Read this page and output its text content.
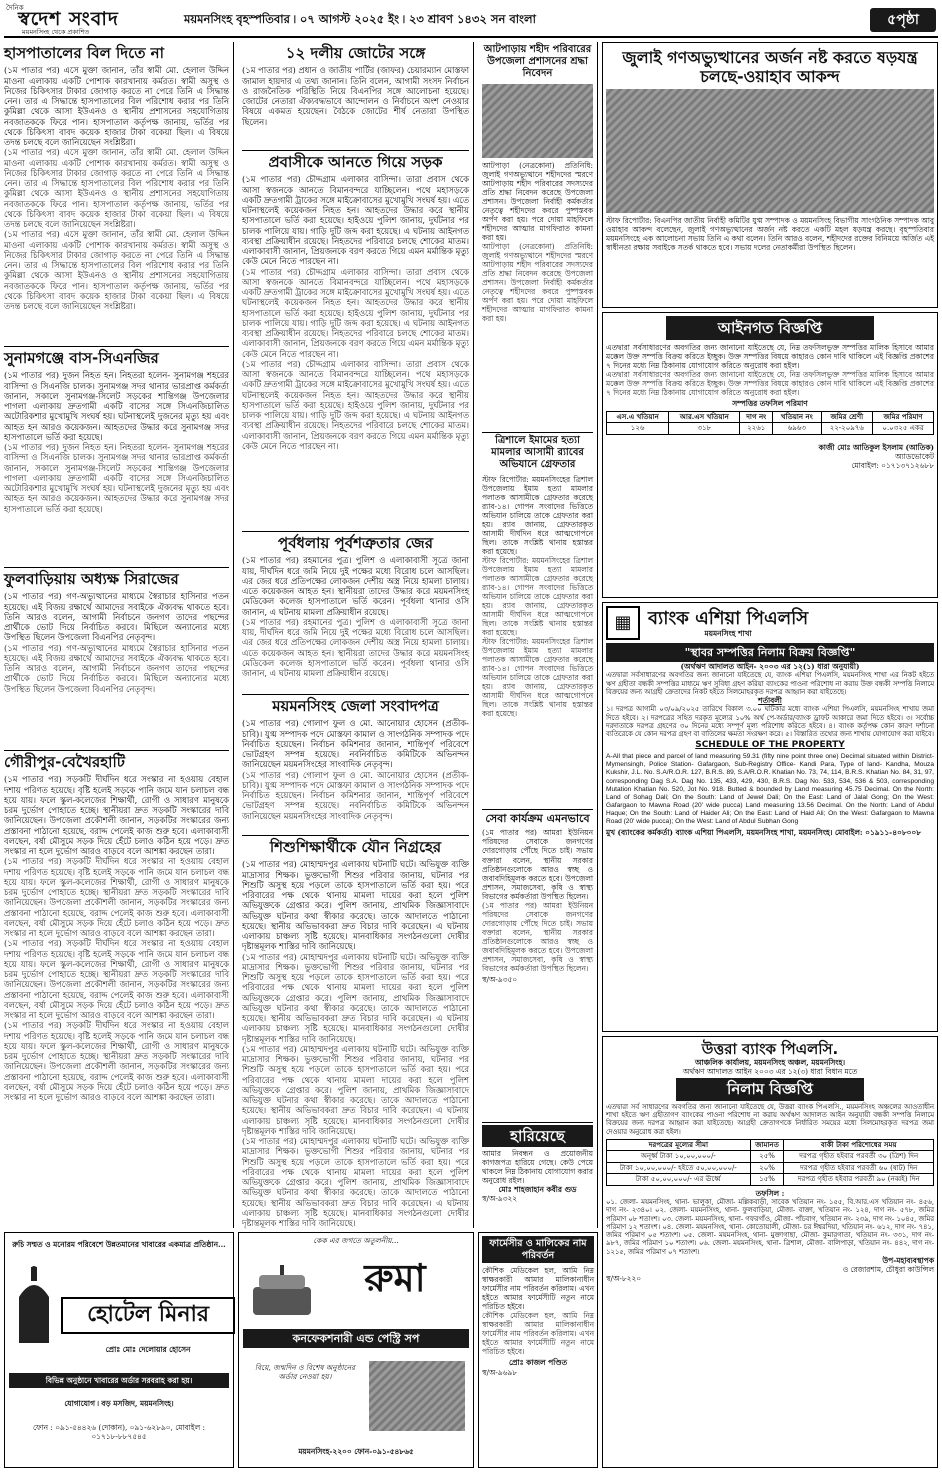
দৈনিক
স্বদেশ সংবাদ
ময়মনসিংহ থেকে প্রকাশিত
ময়মনসিংহ বৃহস্পতিবার ৷ ০৭ আগস্ট ২০২৫ ইং ৷ ২৩ শ্রাবণ ১৪৩২ সন বাংলা	৫পৃষ্ঠা
হাসপাতালের বিল দিতে না

(১ম পাতার পর) এসে মুক্তা জানান, তাঁর স্বামী মো. হেলাল উদ্দিন মাওনা এলাকায় একটি পোশাক কারখানায় কর্মরত। স্বামী অসুস্থ ও নিজের চিকিৎসার টাকার জোগাড় করতে না পেরে তিনি এ সিদ্ধান্ত নেন। তার এ সিদ্ধান্তে হাসপাতালের বিল পরিশোধ করার পর তিনি কুমিল্লা থেকে আসা ইউএনও ও স্থানীয় প্রশাসনের সহযোগিতায় নবজাতককে ফিরে পান। হাসপাতাল কর্তৃপক্ষ জানায়, ভর্তির পর থেকে চিকিৎসা বাবদ কয়েক হাজার টাকা বকেয়া ছিল। এ বিষয়ে তদন্ত চলছে বলে জানিয়েছেন সংশ্লিষ্টরা।

(১ম পাতার পর) এসে মুক্তা জানান, তাঁর স্বামী মো. হেলাল উদ্দিন মাওনা এলাকায় একটি পোশাক কারখানায় কর্মরত। স্বামী অসুস্থ ও নিজের চিকিৎসার টাকার জোগাড় করতে না পেরে তিনি এ সিদ্ধান্ত নেন। তার এ সিদ্ধান্তে হাসপাতালের বিল পরিশোধ করার পর তিনি কুমিল্লা থেকে আসা ইউএনও ও স্থানীয় প্রশাসনের সহযোগিতায় নবজাতককে ফিরে পান। হাসপাতাল কর্তৃপক্ষ জানায়, ভর্তির পর থেকে চিকিৎসা বাবদ কয়েক হাজার টাকা বকেয়া ছিল। এ বিষয়ে তদন্ত চলছে বলে জানিয়েছেন সংশ্লিষ্টরা।

(১ম পাতার পর) এসে মুক্তা জানান, তাঁর স্বামী মো. হেলাল উদ্দিন মাওনা এলাকায় একটি পোশাক কারখানায় কর্মরত। স্বামী অসুস্থ ও নিজের চিকিৎসার টাকার জোগাড় করতে না পেরে তিনি এ সিদ্ধান্ত নেন। তার এ সিদ্ধান্তে হাসপাতালের বিল পরিশোধ করার পর তিনি কুমিল্লা থেকে আসা ইউএনও ও স্থানীয় প্রশাসনের সহযোগিতায় নবজাতককে ফিরে পান। হাসপাতাল কর্তৃপক্ষ জানায়, ভর্তির পর থেকে চিকিৎসা বাবদ কয়েক হাজার টাকা বকেয়া ছিল। এ বিষয়ে তদন্ত চলছে বলে জানিয়েছেন সংশ্লিষ্টরা।

সুনামগঞ্জে বাস-সিএনজির

(১ম পাতার পর) দুজন নিহত হন। নিহতরা হলেন- সুনামগঞ্জ শহরের বাসিন্দা ও সিএনজি চালক। সুনামগঞ্জ সদর থানার ভারপ্রাপ্ত কর্মকর্তা জানান, সকালে সুনামগঞ্জ-সিলেট সড়কের শান্তিগঞ্জ উপজেলার পাগলা এলাকায় দ্রুতগামী একটি বাসের সঙ্গে সিএনজিচালিত অটোরিকশার মুখোমুখি সংঘর্ষ হয়। ঘটনাস্থলেই দুজনের মৃত্যু হয় এবং আহত হন আরও কয়েকজন। আহতদের উদ্ধার করে সুনামগঞ্জ সদর হাসপাতালে ভর্তি করা হয়েছে।

(১ম পাতার পর) দুজন নিহত হন। নিহতরা হলেন- সুনামগঞ্জ শহরের বাসিন্দা ও সিএনজি চালক। সুনামগঞ্জ সদর থানার ভারপ্রাপ্ত কর্মকর্তা জানান, সকালে সুনামগঞ্জ-সিলেট সড়কের শান্তিগঞ্জ উপজেলার পাগলা এলাকায় দ্রুতগামী একটি বাসের সঙ্গে সিএনজিচালিত অটোরিকশার মুখোমুখি সংঘর্ষ হয়। ঘটনাস্থলেই দুজনের মৃত্যু হয় এবং আহত হন আরও কয়েকজন। আহতদের উদ্ধার করে সুনামগঞ্জ সদর হাসপাতালে ভর্তি করা হয়েছে।

ফুলবাড়িয়ায় অধ্যক্ষ সিরাজের

(১ম পাতার পর) গণ-অভ্যুত্থানের মাধ্যমে স্বৈরাচার হাসিনার পতন হয়েছে। এই বিজয় রক্ষার্থে আমাদের সবাইকে ঐক্যবদ্ধ থাকতে হবে। তিনি আরও বলেন, আগামী নির্বাচনে জনগণ তাদের পছন্দের প্রার্থীকে ভোট দিয়ে নির্বাচিত করবে। মিছিলে অন্যান্যের মধ্যে উপস্থিত ছিলেন উপজেলা বিএনপির নেতৃবৃন্দ।

(১ম পাতার পর) গণ-অভ্যুত্থানের মাধ্যমে স্বৈরাচার হাসিনার পতন হয়েছে। এই বিজয় রক্ষার্থে আমাদের সবাইকে ঐক্যবদ্ধ থাকতে হবে। তিনি আরও বলেন, আগামী নির্বাচনে জনগণ তাদের পছন্দের প্রার্থীকে ভোট দিয়ে নির্বাচিত করবে। মিছিলে অন্যান্যের মধ্যে উপস্থিত ছিলেন উপজেলা বিএনপির নেতৃবৃন্দ।

গৌরীপুর-বেখৈরহাটি

(১ম পাতার পর) সড়কটি দীর্ঘদিন ধরে সংস্কার না হওয়ায় বেহাল দশায় পরিণত হয়েছে। বৃষ্টি হলেই সড়কে পানি জমে যান চলাচল বন্ধ হয়ে যায়। ফলে স্কুল-কলেজের শিক্ষার্থী, রোগী ও সাধারণ মানুষকে চরম দুর্ভোগ পোহাতে হচ্ছে। স্থানীয়রা দ্রুত সড়কটি সংস্কারের দাবি জানিয়েছেন। উপজেলা প্রকৌশলী জানান, সড়কটির সংস্কারের জন্য প্রস্তাবনা পাঠানো হয়েছে, বরাদ্দ পেলেই কাজ শুরু হবে। এলাকাবাসী বলছেন, বর্ষা মৌসুমে সড়ক দিয়ে হেঁটে চলাও কঠিন হয়ে পড়ে। দ্রুত সংস্কার না হলে দুর্ভোগ আরও বাড়বে বলে আশঙ্কা করছেন তারা।

(১ম পাতার পর) সড়কটি দীর্ঘদিন ধরে সংস্কার না হওয়ায় বেহাল দশায় পরিণত হয়েছে। বৃষ্টি হলেই সড়কে পানি জমে যান চলাচল বন্ধ হয়ে যায়। ফলে স্কুল-কলেজের শিক্ষার্থী, রোগী ও সাধারণ মানুষকে চরম দুর্ভোগ পোহাতে হচ্ছে। স্থানীয়রা দ্রুত সড়কটি সংস্কারের দাবি জানিয়েছেন। উপজেলা প্রকৌশলী জানান, সড়কটির সংস্কারের জন্য প্রস্তাবনা পাঠানো হয়েছে, বরাদ্দ পেলেই কাজ শুরু হবে। এলাকাবাসী বলছেন, বর্ষা মৌসুমে সড়ক দিয়ে হেঁটে চলাও কঠিন হয়ে পড়ে। দ্রুত সংস্কার না হলে দুর্ভোগ আরও বাড়বে বলে আশঙ্কা করছেন তারা।

(১ম পাতার পর) সড়কটি দীর্ঘদিন ধরে সংস্কার না হওয়ায় বেহাল দশায় পরিণত হয়েছে। বৃষ্টি হলেই সড়কে পানি জমে যান চলাচল বন্ধ হয়ে যায়। ফলে স্কুল-কলেজের শিক্ষার্থী, রোগী ও সাধারণ মানুষকে চরম দুর্ভোগ পোহাতে হচ্ছে। স্থানীয়রা দ্রুত সড়কটি সংস্কারের দাবি জানিয়েছেন। উপজেলা প্রকৌশলী জানান, সড়কটির সংস্কারের জন্য প্রস্তাবনা পাঠানো হয়েছে, বরাদ্দ পেলেই কাজ শুরু হবে। এলাকাবাসী বলছেন, বর্ষা মৌসুমে সড়ক দিয়ে হেঁটে চলাও কঠিন হয়ে পড়ে। দ্রুত সংস্কার না হলে দুর্ভোগ আরও বাড়বে বলে আশঙ্কা করছেন তারা।

(১ম পাতার পর) সড়কটি দীর্ঘদিন ধরে সংস্কার না হওয়ায় বেহাল দশায় পরিণত হয়েছে। বৃষ্টি হলেই সড়কে পানি জমে যান চলাচল বন্ধ হয়ে যায়। ফলে স্কুল-কলেজের শিক্ষার্থী, রোগী ও সাধারণ মানুষকে চরম দুর্ভোগ পোহাতে হচ্ছে। স্থানীয়রা দ্রুত সড়কটি সংস্কারের দাবি জানিয়েছেন। উপজেলা প্রকৌশলী জানান, সড়কটির সংস্কারের জন্য প্রস্তাবনা পাঠানো হয়েছে, বরাদ্দ পেলেই কাজ শুরু হবে। এলাকাবাসী বলছেন, বর্ষা মৌসুমে সড়ক দিয়ে হেঁটে চলাও কঠিন হয়ে পড়ে। দ্রুত সংস্কার না হলে দুর্ভোগ আরও বাড়বে বলে আশঙ্কা করছেন তারা।

১২ দলীয় জোটের সঙ্গে

(১ম পাতার পর) প্রধান ও জাতীয় পার্টির (জাফর) চেয়ারম্যান মোস্তফা জামাল হায়দার এ তথ্য জানান। তিনি বলেন, আগামী সংসদ নির্বাচন ও রাজনৈতিক পরিস্থিতি নিয়ে বিএনপির সঙ্গে আলোচনা হয়েছে। জোটের নেতারা ঐক্যবদ্ধভাবে আন্দোলন ও নির্বাচনে অংশ নেওয়ার বিষয়ে একমত হয়েছেন। বৈঠকে জোটের শীর্ষ নেতারা উপস্থিত ছিলেন।

প্রবাসীকে আনতে গিয়ে সড়ক

(১ম পাতার পর) চৌদ্দগ্রাম এলাকার বাসিন্দা। তারা প্রবাস থেকে আসা স্বজনকে আনতে বিমানবন্দরে যাচ্ছিলেন। পথে মহাসড়কে একটি দ্রুতগামী ট্রাকের সঙ্গে মাইক্রোবাসের মুখোমুখি সংঘর্ষ হয়। এতে ঘটনাস্থলেই কয়েকজন নিহত হন। আহতদের উদ্ধার করে স্থানীয় হাসপাতালে ভর্তি করা হয়েছে। হাইওয়ে পুলিশ জানায়, দুর্ঘটনার পর চালক পালিয়ে যায়। গাড়ি দুটি জব্দ করা হয়েছে। এ ঘটনায় আইনগত ব্যবস্থা প্রক্রিয়াধীন রয়েছে। নিহতদের পরিবারে চলছে শোকের মাতম। এলাকাবাসী জানান, প্রিয়জনকে বরণ করতে গিয়ে এমন মর্মান্তিক মৃত্যু কেউ মেনে নিতে পারছেন না।

(১ম পাতার পর) চৌদ্দগ্রাম এলাকার বাসিন্দা। তারা প্রবাস থেকে আসা স্বজনকে আনতে বিমানবন্দরে যাচ্ছিলেন। পথে মহাসড়কে একটি দ্রুতগামী ট্রাকের সঙ্গে মাইক্রোবাসের মুখোমুখি সংঘর্ষ হয়। এতে ঘটনাস্থলেই কয়েকজন নিহত হন। আহতদের উদ্ধার করে স্থানীয় হাসপাতালে ভর্তি করা হয়েছে। হাইওয়ে পুলিশ জানায়, দুর্ঘটনার পর চালক পালিয়ে যায়। গাড়ি দুটি জব্দ করা হয়েছে। এ ঘটনায় আইনগত ব্যবস্থা প্রক্রিয়াধীন রয়েছে। নিহতদের পরিবারে চলছে শোকের মাতম। এলাকাবাসী জানান, প্রিয়জনকে বরণ করতে গিয়ে এমন মর্মান্তিক মৃত্যু কেউ মেনে নিতে পারছেন না।

(১ম পাতার পর) চৌদ্দগ্রাম এলাকার বাসিন্দা। তারা প্রবাস থেকে আসা স্বজনকে আনতে বিমানবন্দরে যাচ্ছিলেন। পথে মহাসড়কে একটি দ্রুতগামী ট্রাকের সঙ্গে মাইক্রোবাসের মুখোমুখি সংঘর্ষ হয়। এতে ঘটনাস্থলেই কয়েকজন নিহত হন। আহতদের উদ্ধার করে স্থানীয় হাসপাতালে ভর্তি করা হয়েছে। হাইওয়ে পুলিশ জানায়, দুর্ঘটনার পর চালক পালিয়ে যায়। গাড়ি দুটি জব্দ করা হয়েছে। এ ঘটনায় আইনগত ব্যবস্থা প্রক্রিয়াধীন রয়েছে। নিহতদের পরিবারে চলছে শোকের মাতম। এলাকাবাসী জানান, প্রিয়জনকে বরণ করতে গিয়ে এমন মর্মান্তিক মৃত্যু কেউ মেনে নিতে পারছেন না।

পূর্বধলায় পূর্বশত্রুতার জের

(১ম পাতার পর) রহমানের পুত্র। পুলিশ ও এলাকাবাসী সূত্রে জানা যায়, দীর্ঘদিন ধরে জমি নিয়ে দুই পক্ষের মধ্যে বিরোধ চলে আসছিল। এর জের ধরে প্রতিপক্ষের লোকজন দেশীয় অস্ত্র নিয়ে হামলা চালায়। এতে কয়েকজন আহত হন। স্থানীয়রা তাদের উদ্ধার করে ময়মনসিংহ মেডিকেল কলেজ হাসপাতালে ভর্তি করেন। পূর্বধলা থানার ওসি জানান, এ ঘটনায় মামলা প্রক্রিয়াধীন রয়েছে।

(১ম পাতার পর) রহমানের পুত্র। পুলিশ ও এলাকাবাসী সূত্রে জানা যায়, দীর্ঘদিন ধরে জমি নিয়ে দুই পক্ষের মধ্যে বিরোধ চলে আসছিল। এর জের ধরে প্রতিপক্ষের লোকজন দেশীয় অস্ত্র নিয়ে হামলা চালায়। এতে কয়েকজন আহত হন। স্থানীয়রা তাদের উদ্ধার করে ময়মনসিংহ মেডিকেল কলেজ হাসপাতালে ভর্তি করেন। পূর্বধলা থানার ওসি জানান, এ ঘটনায় মামলা প্রক্রিয়াধীন রয়েছে।

ময়মনসিংহ জেলা সংবাদপত্র

(১ম পাতার পর) গোলাপ ফুল ও মো. আনোয়ার হোসেন (প্রতীক- চাবি)। যুগ্ম সম্পাদক পদে মোস্তফা কামাল ও সাংগঠনিক সম্পাদক পদে নির্বাচিত হয়েছেন। নির্বাচন কমিশনার জানান, শান্তিপূর্ণ পরিবেশে ভোটগ্রহণ সম্পন্ন হয়েছে। নবনির্বাচিত কমিটিকে অভিনন্দন জানিয়েছেন ময়মনসিংহের সাংবাদিক নেতৃবৃন্দ।

(১ম পাতার পর) গোলাপ ফুল ও মো. আনোয়ার হোসেন (প্রতীক- চাবি)। যুগ্ম সম্পাদক পদে মোস্তফা কামাল ও সাংগঠনিক সম্পাদক পদে নির্বাচিত হয়েছেন। নির্বাচন কমিশনার জানান, শান্তিপূর্ণ পরিবেশে ভোটগ্রহণ সম্পন্ন হয়েছে। নবনির্বাচিত কমিটিকে অভিনন্দন জানিয়েছেন ময়মনসিংহের সাংবাদিক নেতৃবৃন্দ।

শিশুশিক্ষার্থীকে যৌন নিগ্রহের

(১ম পাতার পর) মোহাম্মদপুর এলাকায় ঘটনাটি ঘটে। অভিযুক্ত ব্যক্তি মাদ্রাসার শিক্ষক। ভুক্তভোগী শিশুর পরিবার জানায়, ঘটনার পর শিশুটি অসুস্থ হয়ে পড়লে তাকে হাসপাতালে ভর্তি করা হয়। পরে পরিবারের পক্ষ থেকে থানায় মামলা দায়ের করা হলে পুলিশ অভিযুক্তকে গ্রেপ্তার করে। পুলিশ জানায়, প্রাথমিক জিজ্ঞাসাবাদে অভিযুক্ত ঘটনার কথা স্বীকার করেছে। তাকে আদালতে পাঠানো হয়েছে। স্থানীয় অভিভাবকরা দ্রুত বিচার দাবি করেছেন। এ ঘটনায় এলাকায় চাঞ্চল্য সৃষ্টি হয়েছে। মানবাধিকার সংগঠনগুলো দোষীর দৃষ্টান্তমূলক শাস্তির দাবি জানিয়েছে।

(১ম পাতার পর) মোহাম্মদপুর এলাকায় ঘটনাটি ঘটে। অভিযুক্ত ব্যক্তি মাদ্রাসার শিক্ষক। ভুক্তভোগী শিশুর পরিবার জানায়, ঘটনার পর শিশুটি অসুস্থ হয়ে পড়লে তাকে হাসপাতালে ভর্তি করা হয়। পরে পরিবারের পক্ষ থেকে থানায় মামলা দায়ের করা হলে পুলিশ অভিযুক্তকে গ্রেপ্তার করে। পুলিশ জানায়, প্রাথমিক জিজ্ঞাসাবাদে অভিযুক্ত ঘটনার কথা স্বীকার করেছে। তাকে আদালতে পাঠানো হয়েছে। স্থানীয় অভিভাবকরা দ্রুত বিচার দাবি করেছেন। এ ঘটনায় এলাকায় চাঞ্চল্য সৃষ্টি হয়েছে। মানবাধিকার সংগঠনগুলো দোষীর দৃষ্টান্তমূলক শাস্তির দাবি জানিয়েছে।

(১ম পাতার পর) মোহাম্মদপুর এলাকায় ঘটনাটি ঘটে। অভিযুক্ত ব্যক্তি মাদ্রাসার শিক্ষক। ভুক্তভোগী শিশুর পরিবার জানায়, ঘটনার পর শিশুটি অসুস্থ হয়ে পড়লে তাকে হাসপাতালে ভর্তি করা হয়। পরে পরিবারের পক্ষ থেকে থানায় মামলা দায়ের করা হলে পুলিশ অভিযুক্তকে গ্রেপ্তার করে। পুলিশ জানায়, প্রাথমিক জিজ্ঞাসাবাদে অভিযুক্ত ঘটনার কথা স্বীকার করেছে। তাকে আদালতে পাঠানো হয়েছে। স্থানীয় অভিভাবকরা দ্রুত বিচার দাবি করেছেন। এ ঘটনায় এলাকায় চাঞ্চল্য সৃষ্টি হয়েছে। মানবাধিকার সংগঠনগুলো দোষীর দৃষ্টান্তমূলক শাস্তির দাবি জানিয়েছে।

(১ম পাতার পর) মোহাম্মদপুর এলাকায় ঘটনাটি ঘটে। অভিযুক্ত ব্যক্তি মাদ্রাসার শিক্ষক। ভুক্তভোগী শিশুর পরিবার জানায়, ঘটনার পর শিশুটি অসুস্থ হয়ে পড়লে তাকে হাসপাতালে ভর্তি করা হয়। পরে পরিবারের পক্ষ থেকে থানায় মামলা দায়ের করা হলে পুলিশ অভিযুক্তকে গ্রেপ্তার করে। পুলিশ জানায়, প্রাথমিক জিজ্ঞাসাবাদে অভিযুক্ত ঘটনার কথা স্বীকার করেছে। তাকে আদালতে পাঠানো হয়েছে। স্থানীয় অভিভাবকরা দ্রুত বিচার দাবি করেছেন। এ ঘটনায় এলাকায় চাঞ্চল্য সৃষ্টি হয়েছে। মানবাধিকার সংগঠনগুলো দোষীর দৃষ্টান্তমূলক শাস্তির দাবি জানিয়েছে।

আটপাড়ায় শহীদ পরিবারের উপজেলা প্রশাসনের শ্রদ্ধা নিবেদন

আটপাড়া (নেত্রকোনা) প্রতিনিধি: জুলাই গণঅভ্যুত্থানে শহীদদের স্মরণে আটপাড়ায় শহীদ পরিবারের সদস্যদের প্রতি শ্রদ্ধা নিবেদন করেছে উপজেলা প্রশাসন। উপজেলা নির্বাহী কর্মকর্তার নেতৃত্বে শহীদদের কবরে পুষ্পস্তবক অর্পণ করা হয়। পরে দোয়া মাহফিলে শহীদদের আত্মার মাগফিরাত কামনা করা হয়।

আটপাড়া (নেত্রকোনা) প্রতিনিধি: জুলাই গণঅভ্যুত্থানে শহীদদের স্মরণে আটপাড়ায় শহীদ পরিবারের সদস্যদের প্রতি শ্রদ্ধা নিবেদন করেছে উপজেলা প্রশাসন। উপজেলা নির্বাহী কর্মকর্তার নেতৃত্বে শহীদদের কবরে পুষ্পস্তবক অর্পণ করা হয়। পরে দোয়া মাহফিলে শহীদদের আত্মার মাগফিরাত কামনা করা হয়।

ত্রিশালে ইমামের হত্যা মামলার আসামী র‌্যাবের অভিযানে গ্রেফতার

স্টাফ রিপোর্টার: ময়মনসিংহের ত্রিশাল উপজেলায় ইমাম হত্যা মামলার পলাতক আসামীকে গ্রেফতার করেছে র‌্যাব-১৪। গোপন সংবাদের ভিত্তিতে অভিযান চালিয়ে তাকে গ্রেফতার করা হয়। র‌্যাব জানায়, গ্রেফতারকৃত আসামী দীর্ঘদিন ধরে আত্মগোপনে ছিল। তাকে সংশ্লিষ্ট থানায় হস্তান্তর করা হয়েছে।

স্টাফ রিপোর্টার: ময়মনসিংহের ত্রিশাল উপজেলায় ইমাম হত্যা মামলার পলাতক আসামীকে গ্রেফতার করেছে র‌্যাব-১৪। গোপন সংবাদের ভিত্তিতে অভিযান চালিয়ে তাকে গ্রেফতার করা হয়। র‌্যাব জানায়, গ্রেফতারকৃত আসামী দীর্ঘদিন ধরে আত্মগোপনে ছিল। তাকে সংশ্লিষ্ট থানায় হস্তান্তর করা হয়েছে।

স্টাফ রিপোর্টার: ময়মনসিংহের ত্রিশাল উপজেলায় ইমাম হত্যা মামলার পলাতক আসামীকে গ্রেফতার করেছে র‌্যাব-১৪। গোপন সংবাদের ভিত্তিতে অভিযান চালিয়ে তাকে গ্রেফতার করা হয়। র‌্যাব জানায়, গ্রেফতারকৃত আসামী দীর্ঘদিন ধরে আত্মগোপনে ছিল। তাকে সংশ্লিষ্ট থানায় হস্তান্তর করা হয়েছে।

সেবা কার্যক্রম এমনভাবে

(১ম পাতার পর) আমরা ইউনিয়ন পরিষদের সেবাকে জনগণের দোরগোড়ায় পৌঁছে দিতে চাই। সভায় বক্তারা বলেন, স্থানীয় সরকার প্রতিষ্ঠানগুলোকে আরও স্বচ্ছ ও জবাবদিহিমূলক করতে হবে। উপজেলা প্রশাসন, সমাজসেবা, কৃষি ও স্বাস্থ্য বিভাগের কর্মকর্তারা উপস্থিত ছিলেন।

(১ম পাতার পর) আমরা ইউনিয়ন পরিষদের সেবাকে জনগণের দোরগোড়ায় পৌঁছে দিতে চাই। সভায় বক্তারা বলেন, স্থানীয় সরকার প্রতিষ্ঠানগুলোকে আরও স্বচ্ছ ও জবাবদিহিমূলক করতে হবে। উপজেলা প্রশাসন, সমাজসেবা, কৃষি ও স্বাস্থ্য বিভাগের কর্মকর্তারা উপস্থিত ছিলেন।

স্ব/অ-৯৩৫০
হারিয়েছে

আমার নিবন্ধন ও প্রয়োজনীয় কাগজপত্র হারিয়ে গেছে। কেউ পেয়ে থাকলে নিম্ন ঠিকানায় যোগাযোগ করার অনুরোধ রইল।

মোঃ শাহজাহান কবীর গুড
স্ব/অ-৯৩২২
ফার্মেসীর ও মালিকের নাম পরিবর্তন

কৌশিক মেডিকেল হল, আমি নিম্ন স্বাক্ষরকারী আমার মালিকানাধীন ফার্মেসীর নাম পরিবর্তন করিলাম। এখন হইতে আমার ফার্মেসীটি নতুন নামে পরিচিত হইবে।

কৌশিক মেডিকেল হল, আমি নিম্ন স্বাক্ষরকারী আমার মালিকানাধীন ফার্মেসীর নাম পরিবর্তন করিলাম। এখন হইতে আমার ফার্মেসীটি নতুন নামে পরিচিত হইবে।

প্রোঃ কাজল পণ্ডিত
স্ব/অ-৯৬৯৮
জুলাই গণঅভ্যুত্থানের অর্জন নষ্ট করতে ষড়যন্ত্র চলছে-ওয়াহাব আকন্দ

স্টাফ রিপোর্টার: বিএনপির জাতীয় নির্বাহী কমিটির যুগ্ম সম্পাদক ও ময়মনসিংহ বিভাগীয় সাংগঠনিক সম্পাদক আবু ওয়াহাব আকন্দ বলেছেন, জুলাই গণঅভ্যুত্থানের অর্জন নষ্ট করতে একটি মহল ষড়যন্ত্র করছে। বৃহস্পতিবার ময়মনসিংহে এক আলোচনা সভায় তিনি এ কথা বলেন। তিনি আরও বলেন, শহীদদের রক্তের বিনিময়ে অর্জিত এই স্বাধীনতা রক্ষায় সবাইকে সতর্ক থাকতে হবে। সভায় দলের নেতাকর্মীরা উপস্থিত ছিলেন।

আইনগত বিজ্ঞপ্তি

এতদ্বারা সর্বসাধারণের অবগতির জন্য জানানো যাইতেছে যে, নিম্ন তফসিলভুক্ত সম্পত্তির মালিক হিসাবে আমার মক্কেল উক্ত সম্পত্তি বিক্রয় করিতে ইচ্ছুক। উক্ত সম্পত্তির বিষয়ে কাহারও কোন দাবি থাকিলে এই বিজ্ঞপ্তি প্রকাশের ৭ দিনের মধ্যে নিম্ন ঠিকানায় যোগাযোগ করিতে অনুরোধ করা হইল।

এতদ্বারা সর্বসাধারণের অবগতির জন্য জানানো যাইতেছে যে, নিম্ন তফসিলভুক্ত সম্পত্তির মালিক হিসাবে আমার মক্কেল উক্ত সম্পত্তি বিক্রয় করিতে ইচ্ছুক। উক্ত সম্পত্তির বিষয়ে কাহারও কোন দাবি থাকিলে এই বিজ্ঞপ্তি প্রকাশের ৭ দিনের মধ্যে নিম্ন ঠিকানায় যোগাযোগ করিতে অনুরোধ করা হইল।

সম্পত্তির তফসিল পরিমাণ
এস.এ খতিয়ান	আর.এস খতিয়ান	দাগ নং	খতিয়ান নং	জমির শ্রেণী	জমির পরিমাণ
১২৬	৩১৮	২২৬১	৬৯৬৩	২২-২০৯৭৬	০.০৩২৫ একর
কাজী মোঃ আতিকুল ইসলাম (আতিক)
অ্যাডভোকেট
মোবাইল: ০১৭১৩৭১২৬৮৮
▦ ব্যাংক এশিয়া পিএলসি
ময়মনসিংহ শাখা
"স্থাবর সম্পত্তির নিলাম বিক্রয় বিজ্ঞপ্তি"
(অর্থঋণ আদালত আইন- ২০০৩ এর ১২(১) ধারা অনুযায়ী)

এতদ্বারা সর্বসাধারণের অবগতির জন্য জানানো যাইতেছে যে, ব্যাংক এশিয়া পিএলসি, ময়মনসিংহ শাখা এর নিকট হইতে ঋণ গ্রহীতা বন্ধকী সম্পত্তির মাধ্যমে ঋণ সুবিধা গ্রহণ করিয়া ব্যাংকের পাওনা পরিশোধ না করায় উক্ত বন্ধকী সম্পত্তি নিলামে বিক্রয়ের জন্য আগ্রহী ক্রেতাদের নিকট হইতে সিলমোহরকৃত দরপত্র আহ্বান করা যাইতেছে।

শর্তাবলী

১। দরপত্র আগামী ০৩/০৯/২০২৫ তারিখে বিকাল ৩.০০ ঘটিকার মধ্যে ব্যাংক এশিয়া পিএলসি, ময়মনসিংহ শাখায় জমা দিতে হইবে। ২। দরপত্রের সহিত দরকৃত মূল্যের ১০% অর্থ পে-অর্ডার/ব্যাংক ড্রাফট আকারে জমা দিতে হইবে। ৩। সর্বোচ্চ দরদাতাকে দরপত্র গ্রহণের ৩০ দিনের মধ্যে সম্পূর্ণ মূল্য পরিশোধ করিতে হইবে। ৪। ব্যাংক কর্তৃপক্ষ কোন কারণ দর্শানো ব্যতিরেকে যে কোন দরপত্র গ্রহণ বা বাতিলের ক্ষমতা সংরক্ষণ করে। ৫। বিস্তারিত তথ্যের জন্য শাখায় যোগাযোগ করা যাইবে।

SCHEDULE OF THE PROPERTY

A-All that piece and parcel of land measuring 59.31 (fifty nine point three one) Decimal situated within District- Mymensingh, Police Station- Gafargaon, Sub-Registry Office- Kandi Para, Type of land- Kandha, Mouza Kukshir, J.L. No. S.A/R.O.R. 127, B.R.S. 89, S.A/R.O.R. Khatian No. 73, 74, 114, B.R.S. Khatian No. 84, 31, 97, corresponding Dag S.A. Dag No. 135, 433, 429, 430, B.R.S. Dag No. 533, 534, 536 & 503, corresponding Mutation Khatian No. 520, Jot No. 918. Butted & bounded by Land measuring 45.75 Decimal. On the North: Land of Sohag Dali; On the South: Land of Jewel Dali; On the East: Land of Jalal Gong; On the West: Gafargaon to Mawna Road (20' wide pucca) Land measuring 13.56 Decimal. On the North: Land of Abdul Haque; On the South: Land of Haider Ali; On the East: Land of Haid Ali; On the West: Gafargaon to Mawna Road (20' wide pucca); On the West: Land of Abdul Subhan Gong

মুখ (ব্যাংকের কর্মকর্তা) ব্যাংক এশিয়া পিএলসি, ময়মনসিংহ শাখা, ময়মনসিংহ। মোবাইল: ০১৯১১-৪০৮০০৮
উত্তরা ব্যাংক পিএলসি.
আঞ্চলিক কার্যালয়, ময়মনসিংহ অঞ্চল, ময়মনসিংহ।
অর্থঋণ আদালত আইন ২০০৩ এর ১২(৩) ধারা বিধান মতে
নিলাম বিজ্ঞপ্তি

এতদ্বারা সর্ব সাধারণের অবগতির জন্য জানানো যাইতেছে যে, উত্তরা ব্যাংক পিএলসি., ময়মনসিংহ অঞ্চলের আওতাধীন শাখা হইতে ঋণ গ্রহীতাগণ ব্যাংকের পাওনা পরিশোধ না করায় অর্থঋণ আদালত আইন অনুযায়ী বন্ধকী সম্পত্তি নিলামে বিক্রয়ের জন্য দরপত্র আহ্বান করা যাইতেছে। আগ্রহী ক্রেতাগণকে নির্ধারিত সময়ের মধ্যে সিলমোহরকৃত দরপত্র জমা দেওয়ার অনুরোধ করা হইল।

দরপত্রের মূল্যের সীমা	জামানত	বাকী টাকা পরিশোধের সময়
অনূর্ধ্ব টাকা ১০,০০,০০০/-	২৫%	দরপত্র গৃহীত হইবার পরবর্তী ৩০ (ত্রিশ) দিন
টাকা ১০,০০,০০০/- হইতে ৫০,০০,০০০/-	২০%	দরপত্র গৃহীত হইবার পরবর্তী ৬০ (ষাট) দিন
টাকা ৫০,০০,০০০/- এর ঊর্ধ্বে	১৫%	দরপত্র গৃহীত হইবার পরবর্তী ৯০ (নব্বই) দিন
তফসিল :

০১. জেলা- ময়মনসিংহ, থানা- ভালুকা, মৌজা- মল্লিকবাড়ী, সাবেক খতিয়ান নং- ১৫৫, বি.আর.এস খতিয়ান নং- ৪৫৬, দাগ নং- ২৩৪০। ০২. জেলা- ময়মনসিংহ, থানা- ফুলবাড়িয়া, মৌজা- বাক্তা, খতিয়ান নং- ১২৪, দাগ নং- ৫৭৮, জমির পরিমাণ ০৮ শতাংশ। ০৩. জেলা- ময়মনসিংহ, থানা- গফরগাঁও, মৌজা- পাঁচবাগ, খতিয়ান নং- ২৩৯, দাগ নং- ১০৪৫, জমির পরিমাণ ১২ শতাংশ। ০৪. জেলা- ময়মনসিংহ, থানা- কোতোয়ালী, মৌজা- চর ঈশ্বরদিয়া, খতিয়ান নং- ৬১২, দাগ নং- ৭৪১, জমির পরিমাণ ০৫ শতাংশ। ০৫. জেলা- ময়মনসিংহ, থানা- মুক্তাগাছা, মৌজা- কুমারগাতা, খতিয়ান নং- ৩৩১, দাগ নং- ৯৮৭, জমির পরিমাণ ১০ শতাংশ। ০৬. জেলা- ময়মনসিংহ, থানা- ত্রিশাল, মৌজা- বালিপাড়া, খতিয়ান নং- ৪৪২, দাগ নং- ১২১৫, জমির পরিমাণ ০৭ শতাংশ।

উপ-মহাব্যবস্থাপক
ও রেজারশাম, চৌধুরা কাউন্সিল
স্ব/অ-৮২২০
রুচি সম্মত ও মনোরম পরিবেশে উন্নতমানের খাবারের একমাত্র প্রতিষ্ঠান...
হোটেল মিনার
প্রোঃ মোঃ দেলোয়ার হোসেন
বিভিন্ন অনুষ্ঠানে খাবারের অর্ডার সরবরাহ করা হয়।
যোগাযোগ ৷ বড় মসজিদ, ময়মনসিংহ।
ফোন : ০৯১-৫৪৪২৬ (দোকান), ০৯১-৬২৮৯০, মোবাইল : ০১৭১৮-৮৮৭৫৪৫
কেক এর জগতে অতুলনীয়...
রুমা
কনফেকশনারী এন্ড পেস্ট্রি সপ
বিয়ে, জন্মদিন ও বিশেষ অনুষ্ঠানের অর্ডার নেওয়া হয়।
ময়মনসিংহ-২২০০ ফোন-০৯১-৫৪৮৬৫
